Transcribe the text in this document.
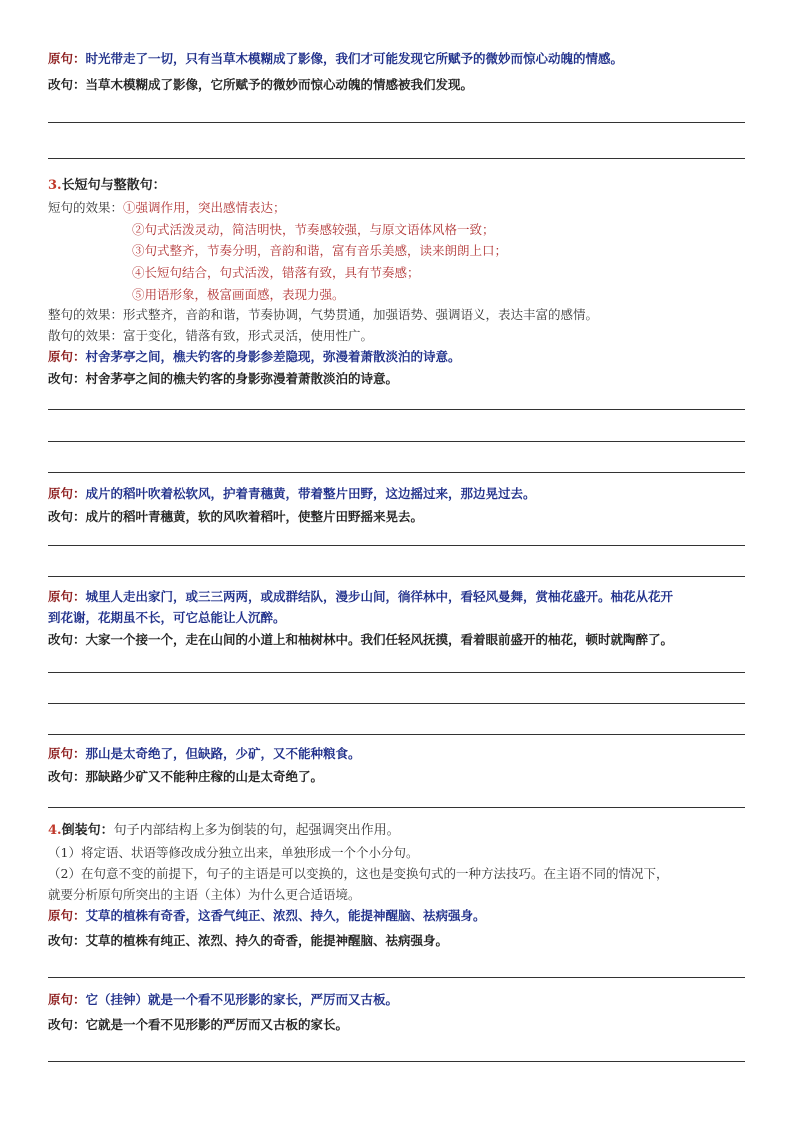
原句：时光带走了一切，只有当草木模糊成了影像，我们才可能发现它所赋予的微妙而惊心动魄的情感。
改句：当草木模糊成了影像，它所赋予的微妙而惊心动魄的情感被我们发现。
3.长短句与整散句：
短句的效果：①强调作用，突出感情表达；
②句式活泼灵动，简洁明快，节奏感较强，与原文语体风格一致；
③句式整齐，节奏分明，音韵和谐，富有音乐美感，读来朗朗上口；
④长短句结合，句式活泼，错落有致，具有节奏感；
⑤用语形象，极富画面感，表现力强。
整句的效果：形式整齐，音韵和谐，节奏协调，气势贯通，加强语势、强调语义，表达丰富的感情。
散句的效果：富于变化，错落有致，形式灵活，使用性广。
原句：村舍茅亭之间，樵夫钓客的身影参差隐现，弥漫着萧散淡泊的诗意。
改句：村舍茅亭之间的樵夫钓客的身影弥漫着萧散淡泊的诗意。
原句：成片的稻叶吹着松软风，护着青穗黄，带着整片田野，这边摇过来，那边晃过去。
改句：成片的稻叶青穗黄，软的风吹着稻叶，使整片田野摇来晃去。
原句：城里人走出家门，或三三两两，或成群结队，漫步山间，徜徉林中，看轻风曼舞，赏柚花盛开。柚花从花开
到花谢，花期虽不长，可它总能让人沉醉。
改句：大家一个接一个，走在山间的小道上和柚树林中。我们任轻风抚摸，看着眼前盛开的柚花，顿时就陶醉了。
原句：那山是太奇绝了，但缺路，少矿，又不能种粮食。
改句：那缺路少矿又不能种庄稼的山是太奇绝了。
4.倒装句：句子内部结构上多为倒装的句，起强调突出作用。
（1）将定语、状语等修改成分独立出来，单独形成一个个小分句。
（2）在句意不变的前提下，句子的主语是可以变换的，这也是变换句式的一种方法技巧。在主语不同的情况下，
就要分析原句所突出的主语（主体）为什么更合适语境。
原句：艾草的植株有奇香，这香气纯正、浓烈、持久，能提神醒脑、祛病强身。
改句：艾草的植株有纯正、浓烈、持久的奇香，能提神醒脑、祛病强身。
原句：它（挂钟）就是一个看不见形影的家长，严厉而又古板。
改句：它就是一个看不见形影的严厉而又古板的家长。
